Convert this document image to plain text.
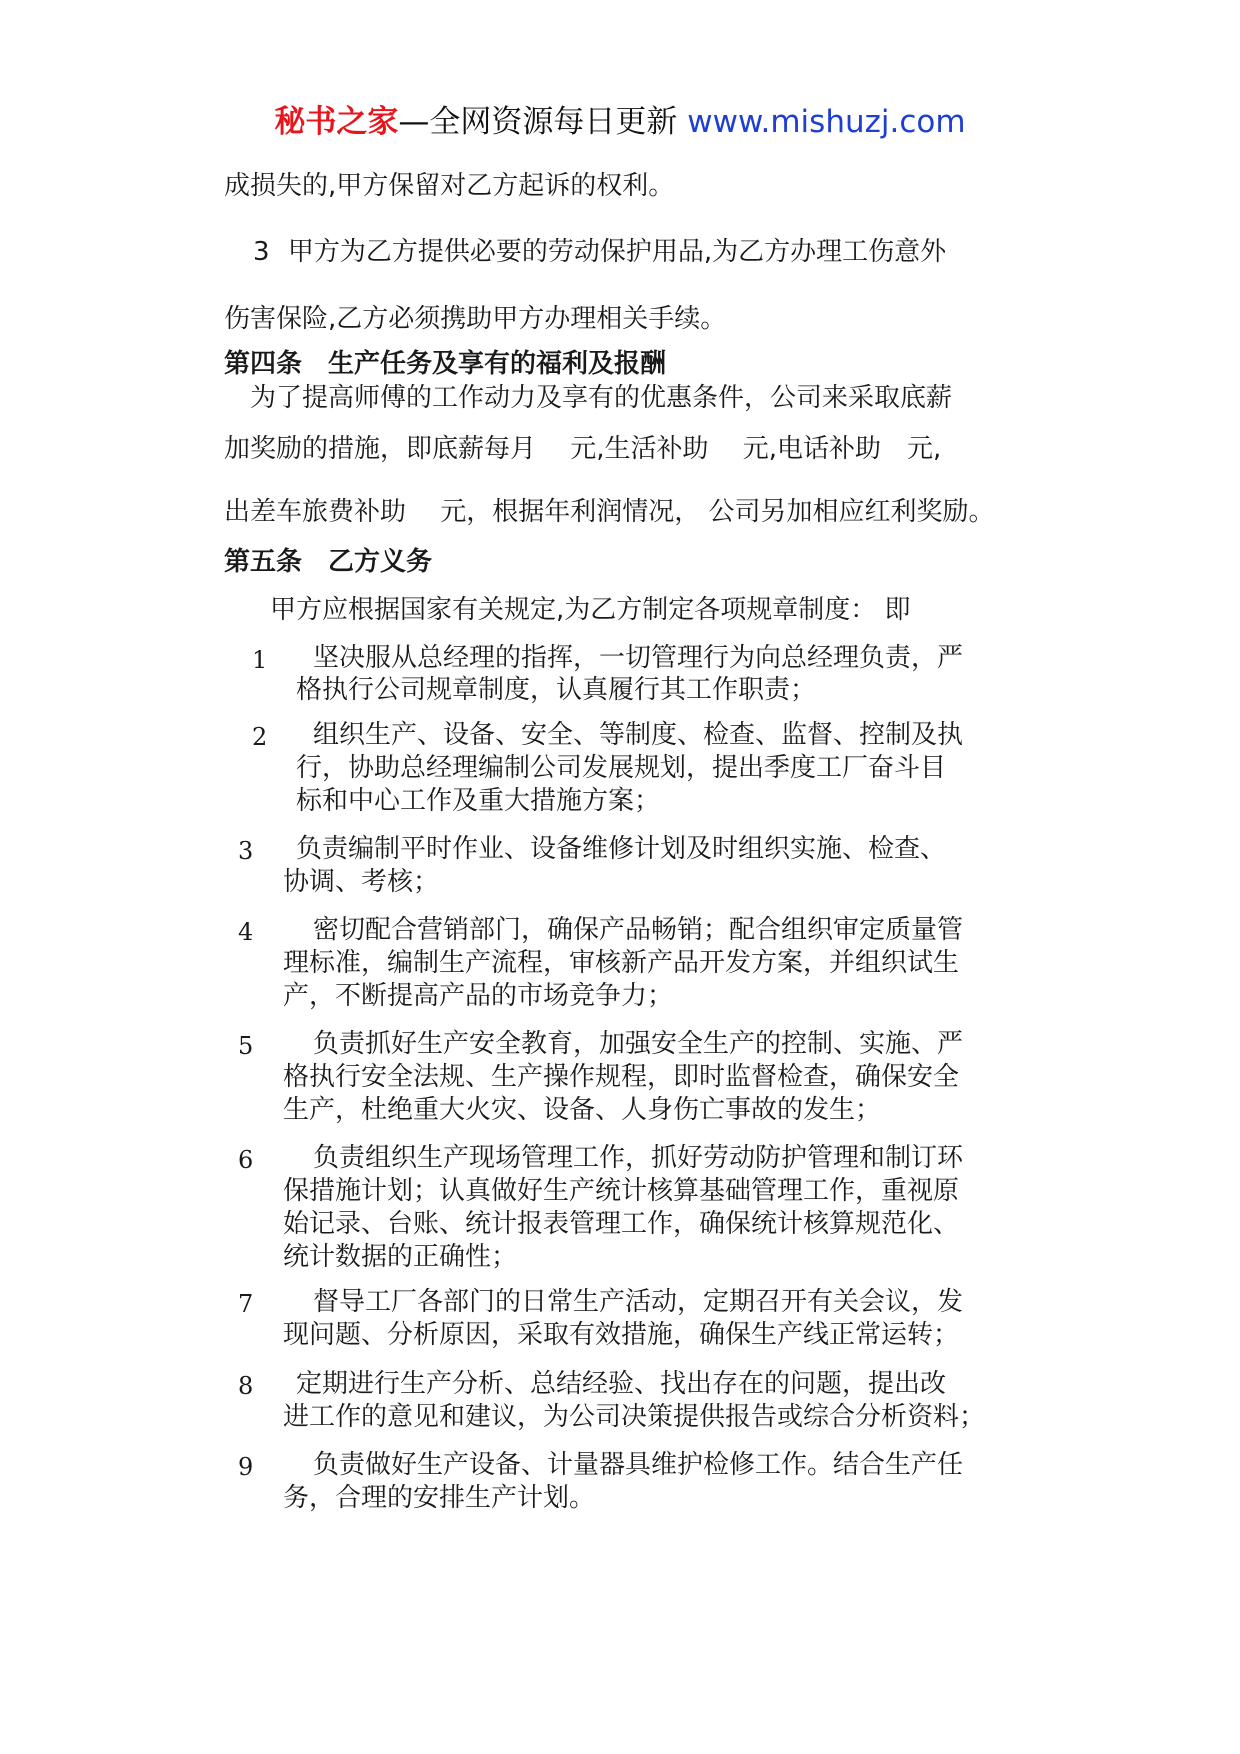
秘书之家—全网资源每日更新 www.mishuzj.com
成损失的,甲方保留对乙方起诉的权利。
3 甲方为乙方提供必要的劳动保护用品,为乙方办理工伤意外
伤害保险,乙方必须携助甲方办理相关手续。
第四条　生产任务及享有的福利及报酬
为了提高师傅的工作动力及享有的优惠条件，公司来采取底薪
加奖励的措施，即底薪每月　 元,生活补助　 元,电话补助　元,
出差车旅费补助　 元，根据年利润情况， 公司另加相应红利奖励。
第五条　乙方义务
甲方应根据国家有关规定,为乙方制定各项规章制度： 即
1 坚决服从总经理的指挥，一切管理行为向总经理负责，严
格执行公司规章制度，认真履行其工作职责；
2 组织生产、设备、安全、等制度、检查、监督、控制及执
行，协助总经理编制公司发展规划，提出季度工厂奋斗目
标和中心工作及重大措施方案；
3 负责编制平时作业、设备维修计划及时组织实施、检查、
协调、考核；
4 密切配合营销部门，确保产品畅销；配合组织审定质量管
理标准，编制生产流程，审核新产品开发方案，并组织试生
产，不断提高产品的市场竞争力；
5 负责抓好生产安全教育，加强安全生产的控制、实施、严
格执行安全法规、生产操作规程，即时监督检查，确保安全
生产，杜绝重大火灾、设备、人身伤亡事故的发生；
6 负责组织生产现场管理工作，抓好劳动防护管理和制订环
保措施计划；认真做好生产统计核算基础管理工作，重视原
始记录、台账、统计报表管理工作，确保统计核算规范化、
统计数据的正确性；
7 督导工厂各部门的日常生产活动，定期召开有关会议，发
现问题、分析原因，采取有效措施，确保生产线正常运转；
8 定期进行生产分析、总结经验、找出存在的问题，提出改
进工作的意见和建议，为公司决策提供报告或综合分析资料；
9 负责做好生产设备、计量器具维护检修工作。结合生产任
务，合理的安排生产计划。
